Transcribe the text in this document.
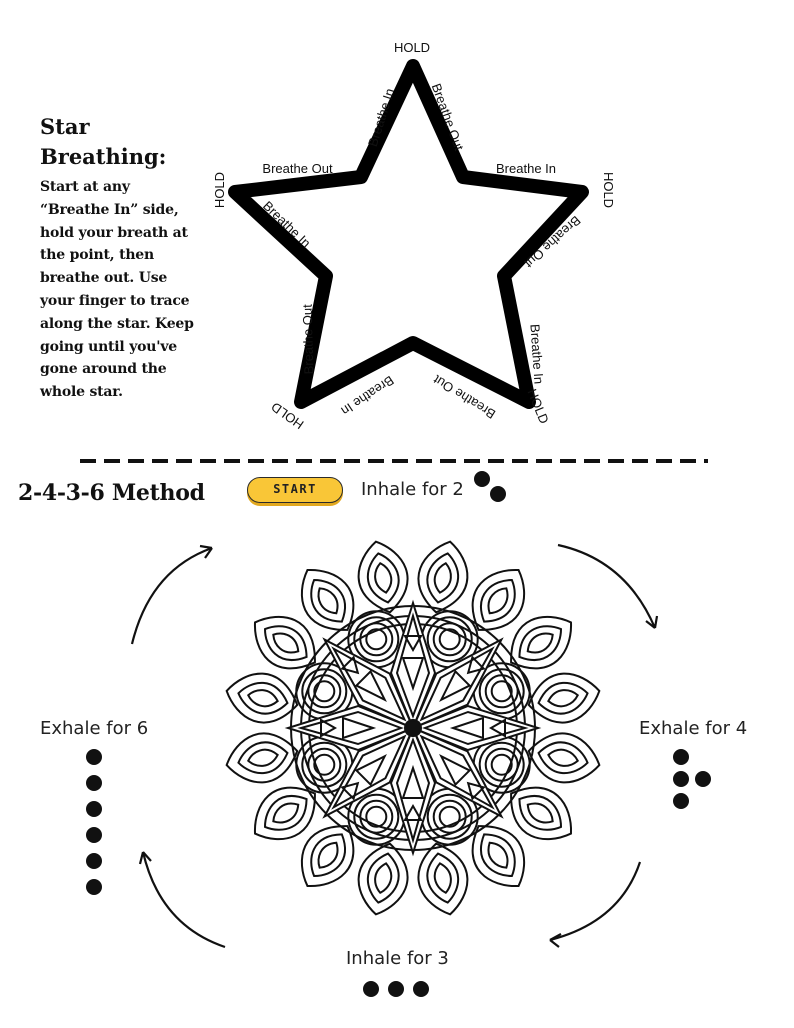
Star Breathing:
Start at any “Breathe In” side, hold your breath at the point, then breathe out. Use your finger to trace along the star. Keep going until you've gone around the whole star.
Breathe In Breathe Out
Breathe In
Breathe Out
Breathe In
Breathe Out
Breathe In
Breathe Out
Breathe In
Breathe Out
HOLD
HOLD
HOLD
HOLD
HOLD
2-4-3-6 Method	START	Inhale for 2
Exhale for 4
Inhale for 3
Exhale for 6
